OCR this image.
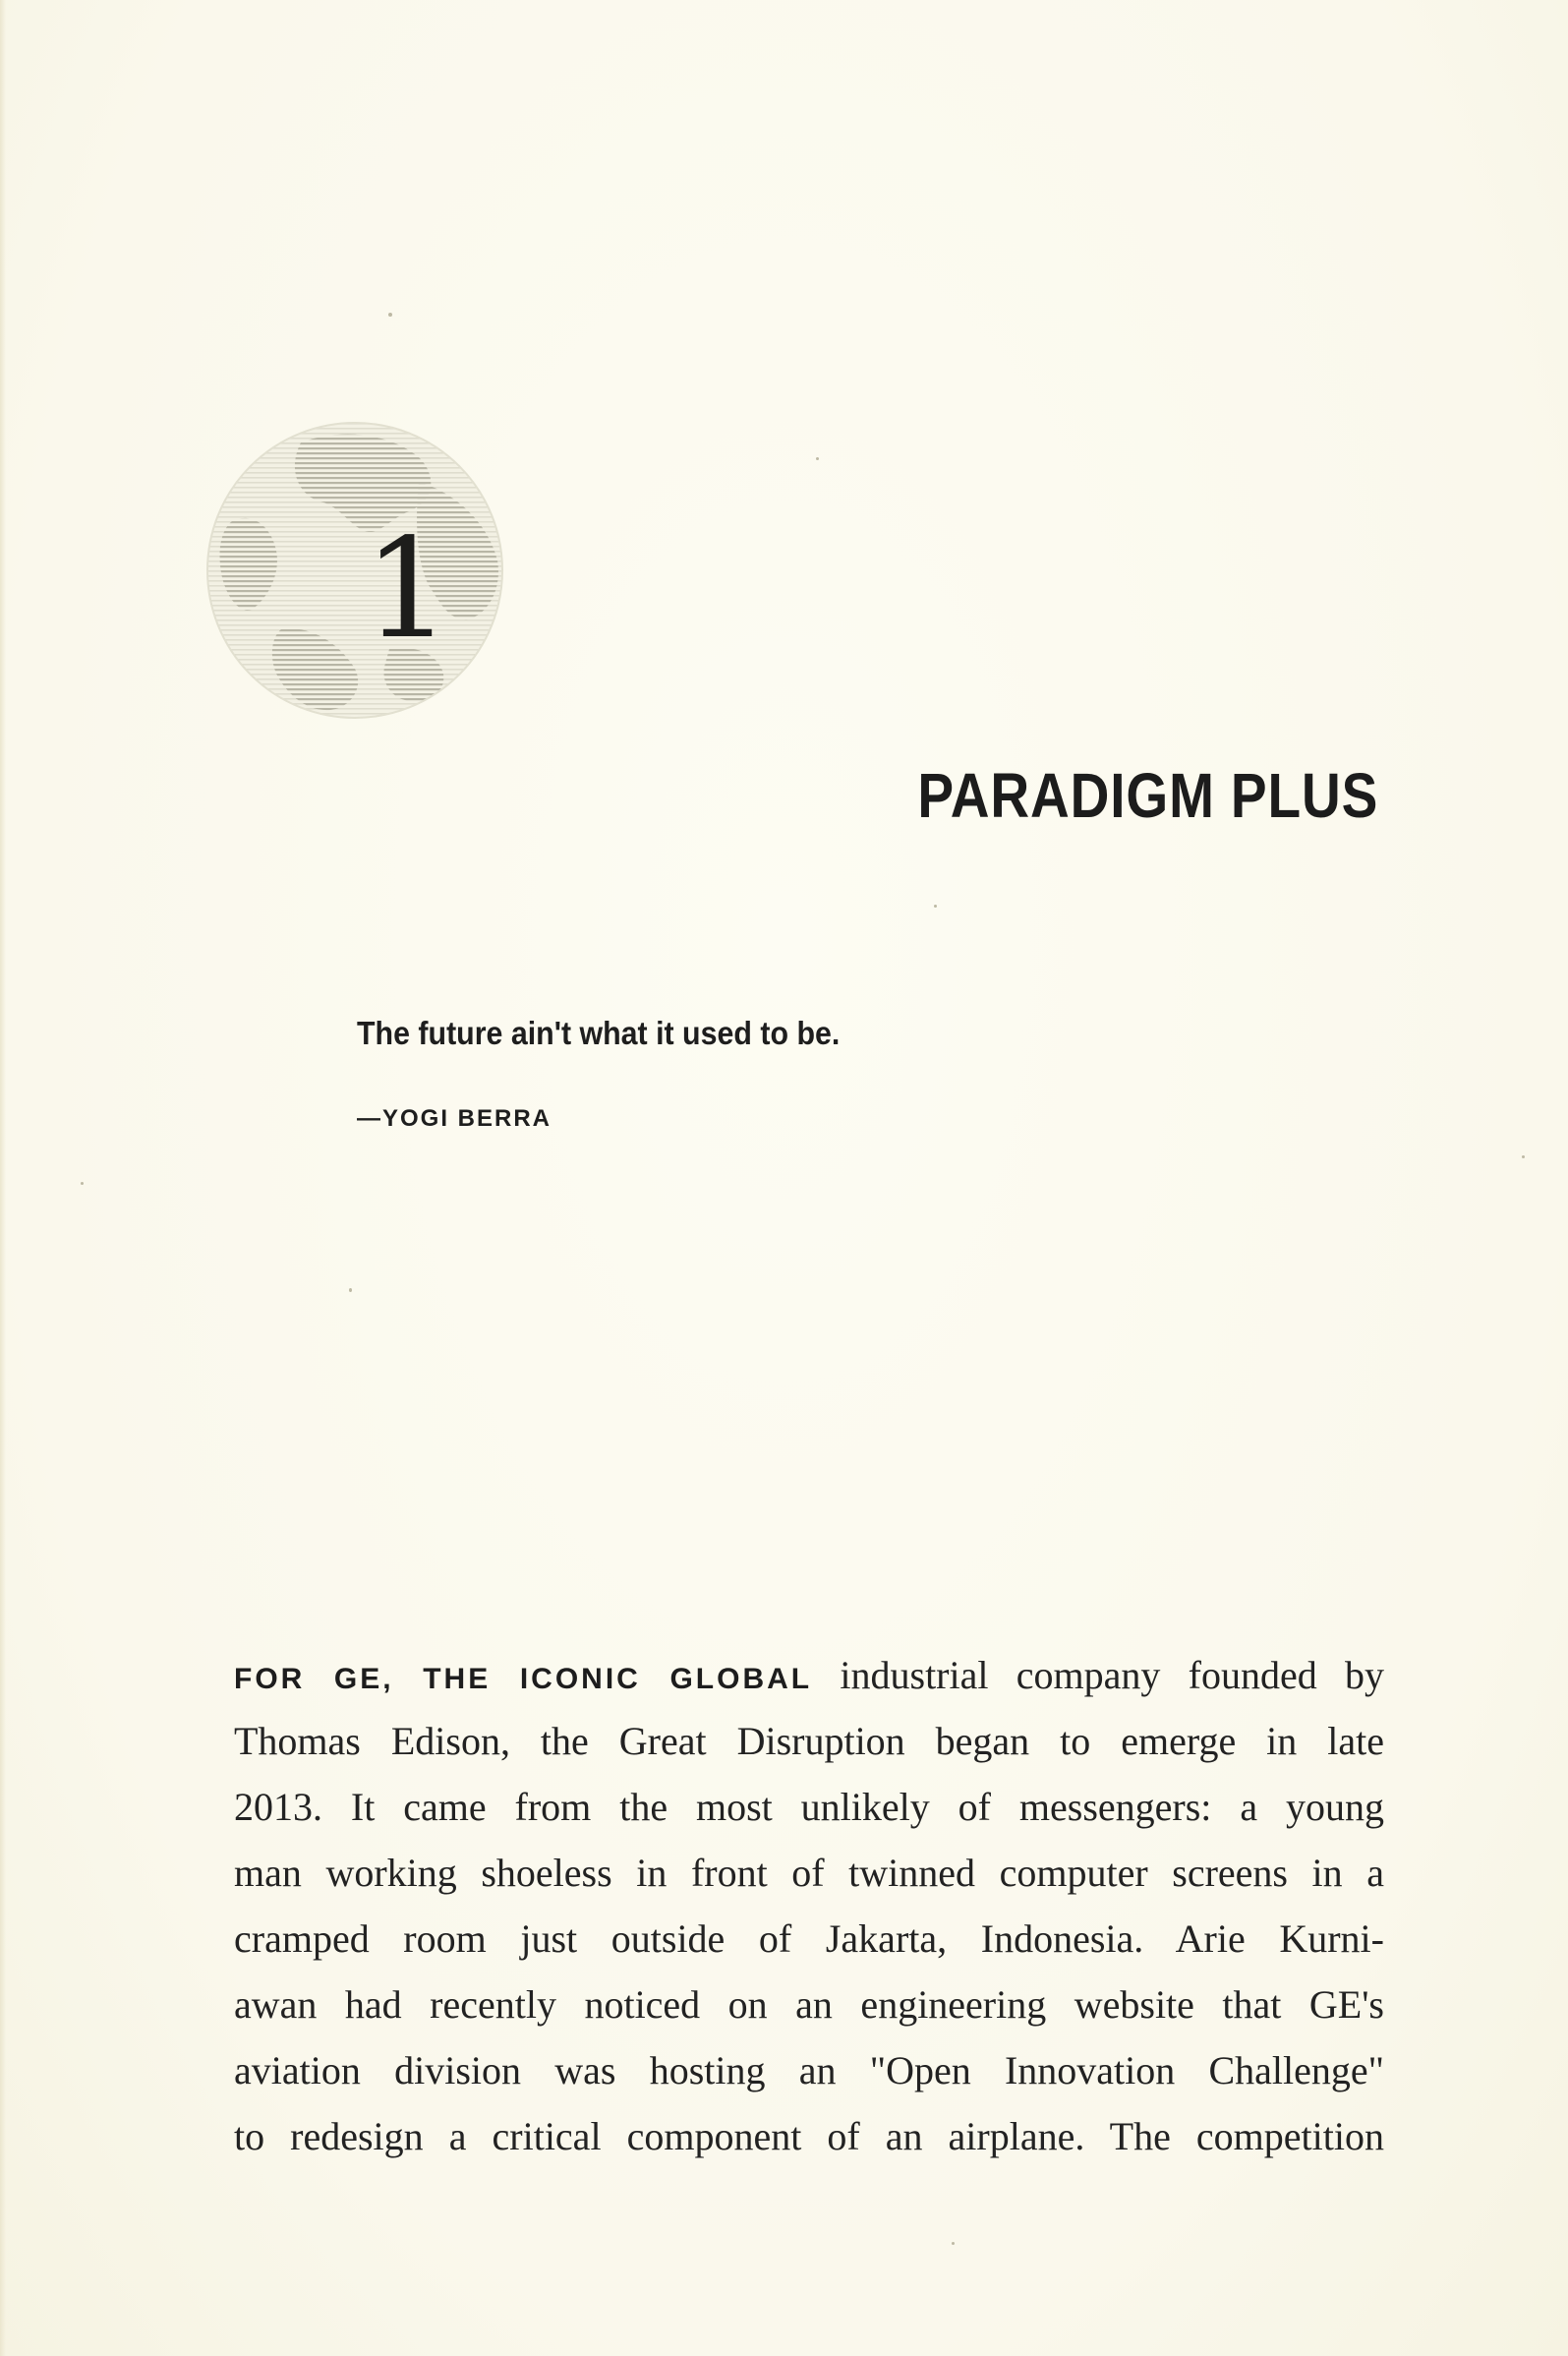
1
PARADIGM PLUS
The future ain't what it used to be.
—YOGI BERRA
FOR GE, THE ICONIC GLOBAL industrial company founded by
Thomas Edison, the Great Disruption began to emerge in late
2013. It came from the most unlikely of messengers: a young
man working shoeless in front of twinned computer screens in a
cramped room just outside of Jakarta, Indonesia. Arie Kurni-
awan had recently noticed on an engineering website that GE's
aviation division was hosting an "Open Innovation Challenge"
to redesign a critical component of an airplane. The competition
